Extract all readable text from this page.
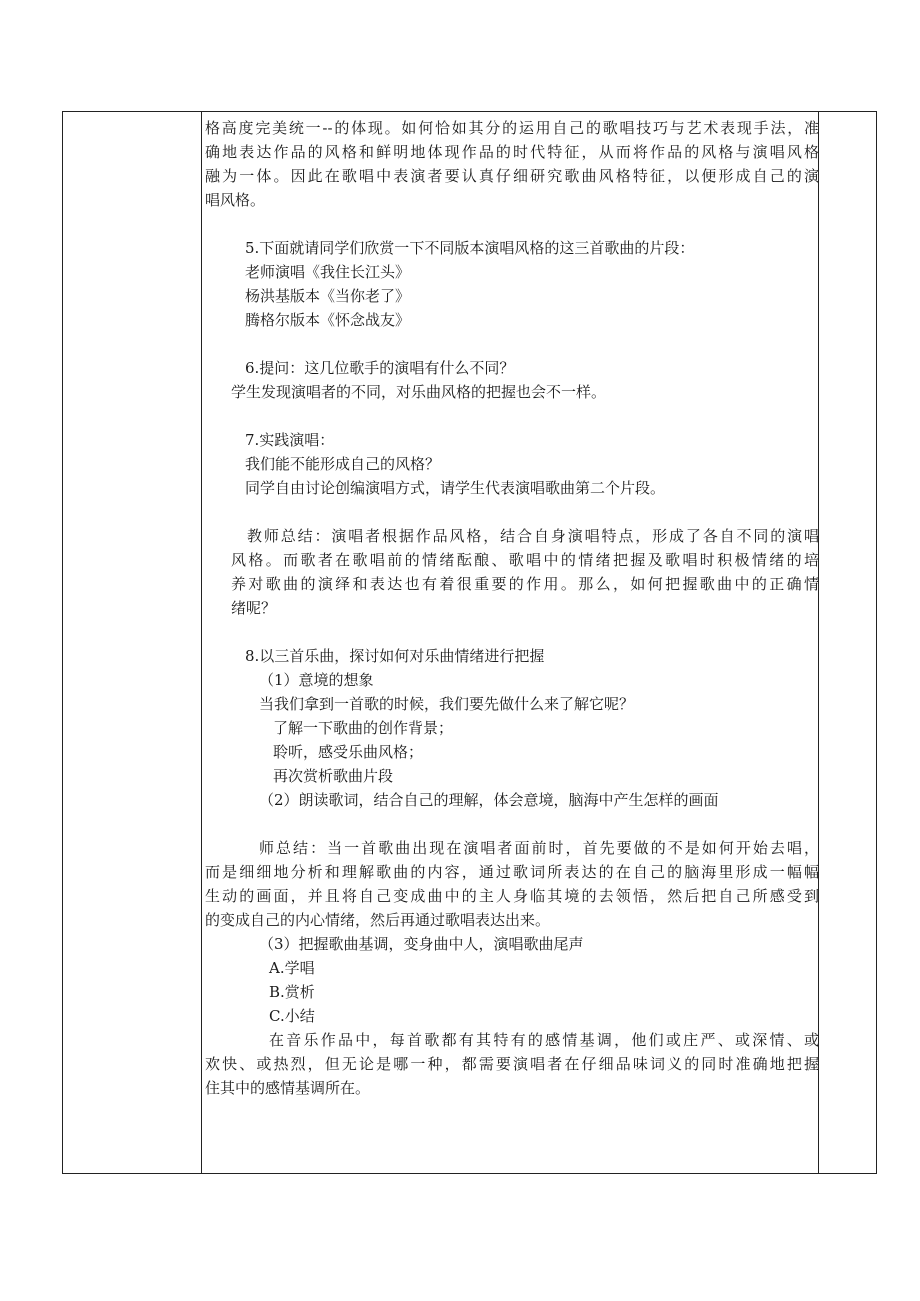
格高度完美统一--的体现。如何恰如其分的运用自己的歌唱技巧与艺术表现手法，准

确地表达作品的风格和鲜明地体现作品的时代特征，从而将作品的风格与演唱风格

融为一体。因此在歌唱中表演者要认真仔细研究歌曲风格特征，以便形成自己的演

唱风格。

5.下面就请同学们欣赏一下不同版本演唱风格的这三首歌曲的片段：

老师演唱《我住长江头》

杨洪基版本《当你老了》

腾格尔版本《怀念战友》

6.提问：这几位歌手的演唱有什么不同？

学生发现演唱者的不同，对乐曲风格的把握也会不一样。

7.实践演唱：

我们能不能形成自己的风格？

同学自由讨论创编演唱方式，请学生代表演唱歌曲第二个片段。

教师总结：演唱者根据作品风格，结合自身演唱特点，形成了各自不同的演唱

风格。而歌者在歌唱前的情绪酝酿、歌唱中的情绪把握及歌唱时积极情绪的培

养对歌曲的演绎和表达也有着很重要的作用。那么，如何把握歌曲中的正确情

绪呢？

8.以三首乐曲，探讨如何对乐曲情绪进行把握

（1）意境的想象

当我们拿到一首歌的时候，我们要先做什么来了解它呢？

了解一下歌曲的创作背景；

聆听，感受乐曲风格；

再次赏析歌曲片段

（2）朗读歌词，结合自己的理解，体会意境，脑海中产生怎样的画面

师总结：当一首歌曲出现在演唱者面前时，首先要做的不是如何开始去唱，

而是细细地分析和理解歌曲的内容，通过歌词所表达的在自己的脑海里形成一幅幅

生动的画面，并且将自己变成曲中的主人身临其境的去领悟，然后把自己所感受到

的变成自己的内心情绪，然后再通过歌唱表达出来。

（3）把握歌曲基调，变身曲中人，演唱歌曲尾声

A.学唱

B.赏析

C.小结

在音乐作品中，每首歌都有其特有的感情基调，他们或庄严、或深情、或

欢快、或热烈，但无论是哪一种，都需要演唱者在仔细品味词义的同时准确地把握

住其中的感情基调所在。
